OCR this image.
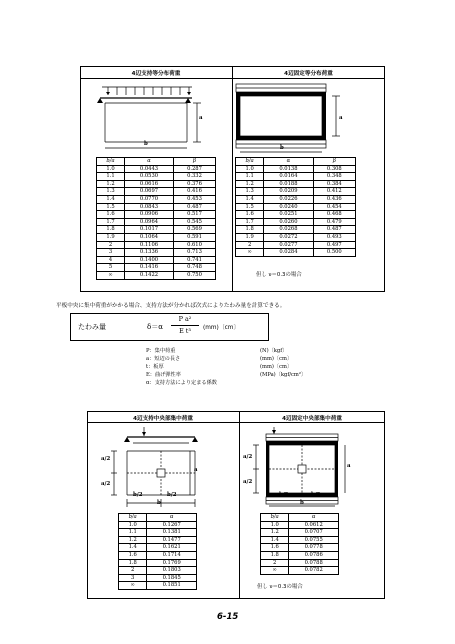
4辺支持等分布荷重
a
b
b/a	α	β
1.0	0.0443	0.287
1.1	0.0530	0.332
1.2	0.0616	0.376
1.3	0.0697	0.416
1.4	0.0770	0.453
1.5	0.0843	0.487
1.6	0.0906	0.517
1.7	0.0964	0.545
1.8	0.1017	0.569
1.9	0.1064	0.591
2	0.1106	0.610
3	0.1336	0.713
4	0.1400	0.741
5	0.1416	0.748
∞	0.1422	0.750
4辺固定等分布荷重
a
b
b/a	α	β
1.0	0.0138	0.308
1.1	0.0164	0.348
1.2	0.0188	0.384
1.3	0.0209	0.412
1.4	0.0226	0.436
1.5	0.0240	0.454
1.6	0.0251	0.468
1.7	0.0260	0.479
1.8	0.0268	0.487
1.9	0.0272	0.493
2	0.0277	0.497
∞	0.0284	0.500
但し ν＝0.3の場合
平板中央に集中荷重がかかる場合、支持方法が分かれば次式によりたわみ量を計算できる。
たわみ量	δ＝α
P a²
E t³	(mm)〔cm〕
P：集中荷重	(N)〔kgf〕
a：短辺の長さ	(mm)〔cm〕
t：板厚	(mm)〔cm〕
E：曲げ弾性率	(MPa)〔kgf/cm²〕
α：支持方法により定まる係数
4辺支持中央部集中荷重
a/2
a/2
a
b/2	b/2
b
b/a	α
1.0	0.1267
1.1	0.1381
1.2	0.1477
1.4	0.1621
1.6	0.1714
1.8	0.1769
2	0.1803
3	0.1845
∞	0.1851
4辺固定中央部集中荷重
a/2
a/2
a
b/2	b/2
b
b/a	α
1.0	0.0612
1.2	0.0707
1.4	0.0755
1.6	0.0778
1.8	0.0786
2	0.0788
∞	0.0782
但し ν＝0.3の場合
6-15
